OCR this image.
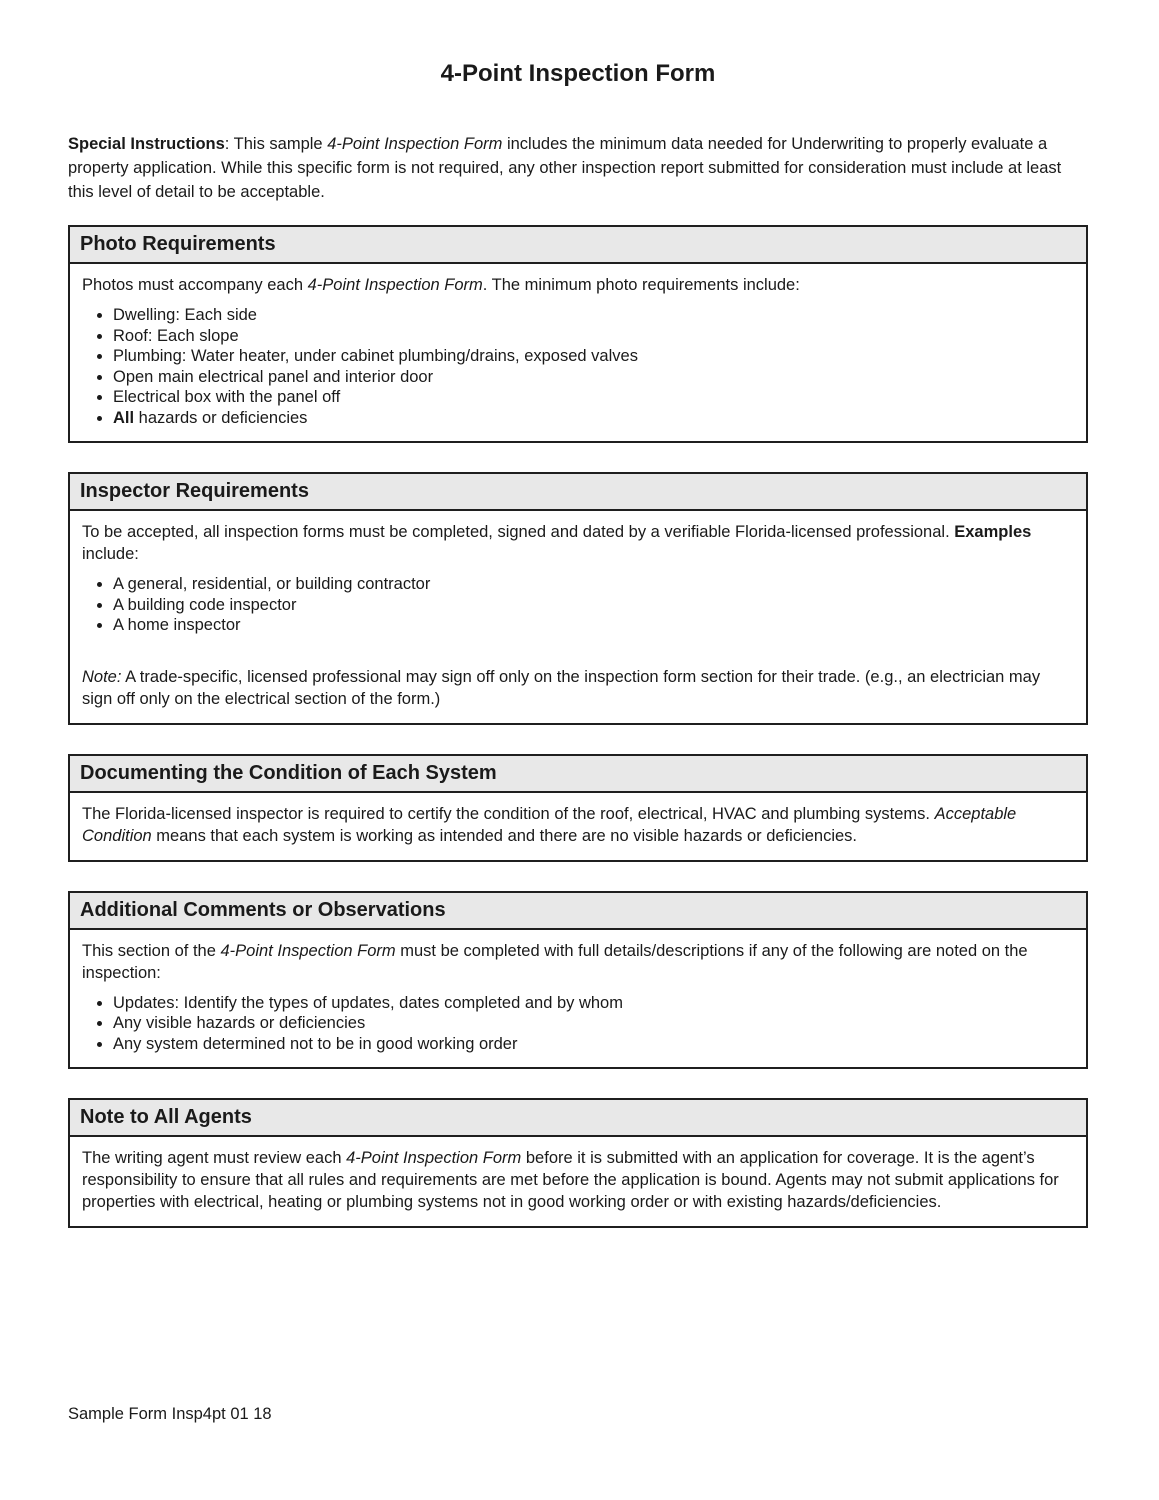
4-Point Inspection Form

Special Instructions: This sample 4-Point Inspection Form includes the minimum data needed for Underwriting to properly evaluate a property application. While this specific form is not required, any other inspection report submitted for consideration must include at least this level of detail to be acceptable.

Photo Requirements

Photos must accompany each 4-Point Inspection Form. The minimum photo requirements include:

• Dwelling: Each side
• Roof: Each slope
• Plumbing: Water heater, under cabinet plumbing/drains, exposed valves
• Open main electrical panel and interior door
• Electrical box with the panel off
• All hazards or deficiencies
Inspector Requirements

To be accepted, all inspection forms must be completed, signed and dated by a verifiable Florida-licensed professional. Examples include:

• A general, residential, or building contractor
• A building code inspector
• A home inspector

Note: A trade-specific, licensed professional may sign off only on the inspection form section for their trade. (e.g., an electrician may sign off only on the electrical section of the form.)

Documenting the Condition of Each System

The Florida-licensed inspector is required to certify the condition of the roof, electrical, HVAC and plumbing systems. Acceptable Condition means that each system is working as intended and there are no visible hazards or deficiencies.

Additional Comments or Observations

This section of the 4-Point Inspection Form must be completed with full details/descriptions if any of the following are noted on the inspection:

• Updates: Identify the types of updates, dates completed and by whom
• Any visible hazards or deficiencies
• Any system determined not to be in good working order
Note to All Agents

The writing agent must review each 4-Point Inspection Form before it is submitted with an application for coverage. It is the agent’s responsibility to ensure that all rules and requirements are met before the application is bound. Agents may not submit applications for properties with electrical, heating or plumbing systems not in good working order or with existing hazards/deficiencies.

Sample Form Insp4pt 01 18
